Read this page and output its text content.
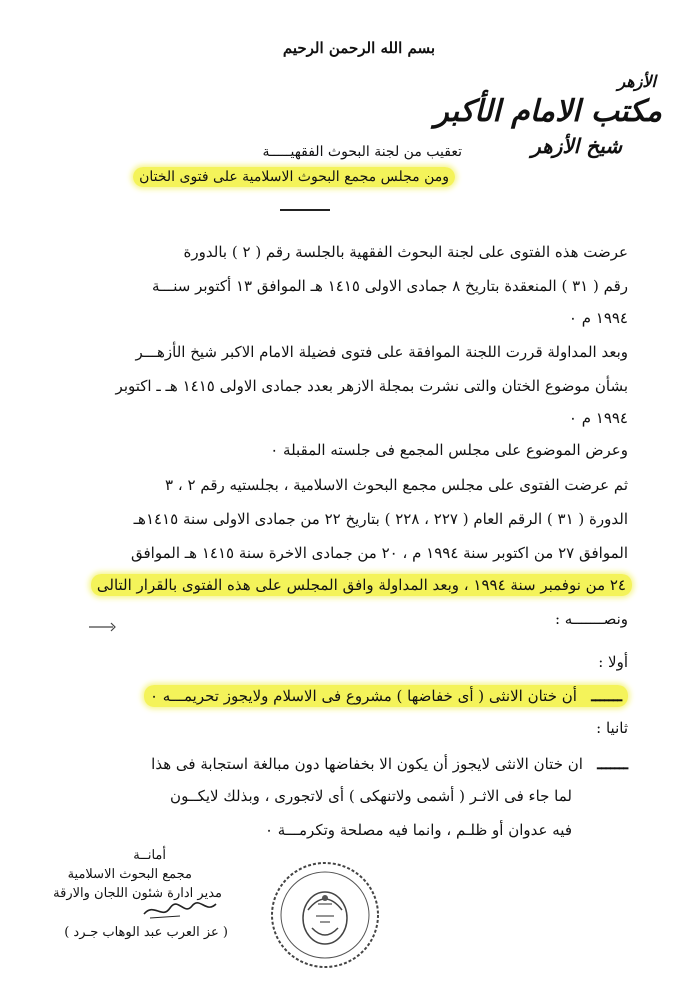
بسم الله الرحمن الرحيم
الأزهر
مكتب الامام الأكبر
شيخ الأزهر
تعقيب من لجنة البحوث الفقهيـــــة
ومن مجلس مجمع البحوث الاسلامية على فتوى الختان
عرضت هذه الفتوى على لجنة البحوث الفقهية بالجلسة رقم ( ٢ ) بالدورة
رقم ( ٣١ ) المنعقدة بتاريخ ٨ جمادى الاولى ١٤١٥ هـ الموافق ١٣ أكتوبر سنـــة
١٩٩٤ م ٠
وبعد المداولة قررت اللجنة الموافقة على فتوى فضيلة الامام الاكبر شيخ الأزهـــر
بشأن موضوع الختان والتى نشرت بمجلة الازهر بعدد جمادى الاولى ١٤١٥ هـ ـ اكتوبر
١٩٩٤ م ٠
وعرض الموضوع على مجلس المجمع فى جلسته المقبلة ٠
ثم عرضت الفتوى على مجلس مجمع البحوث الاسلامية ، بجلستيه رقم ٢ ، ٣
الدورة ( ٣١ ) الرقم العام ( ٢٢٧ ، ٢٢٨ ) بتاريخ ٢٢ من جمادى الاولى سنة ١٤١٥هـ
الموافق ٢٧ من اكتوبر سنة ١٩٩٤ م ، ٢٠ من جمادى الاخرة سنة ١٤١٥ هـ الموافق
٢٤ من نوفمبر سنة ١٩٩٤ ، وبعد المداولة وافق المجلس على هذه الفتوى بالقرار التالى
ونصـــــــه :
أولا :
ـــــــ   أن ختان الانثى ( أى خفاضها ) مشروع فى الاسلام ولايجوز تحريمـــه ٠
ثانيا :
ـــــــ   ان ختان الانثى لايجوز أن يكون الا بخفاضها دون مبالغة استجابة فى هذا
لما جاء فى الاثـر ( أشمى ولاتنهكى ) أى لاتجورى ، وبذلك لايكــون
فيه عدوان أو ظلـم ، وانما فيه مصلحة وتكرمـــة ٠
أمانــة
مجمع البحوث الاسلامية
مدير ادارة شئون اللجان والارقة
( عز العرب عبد الوهاب جـرد )
